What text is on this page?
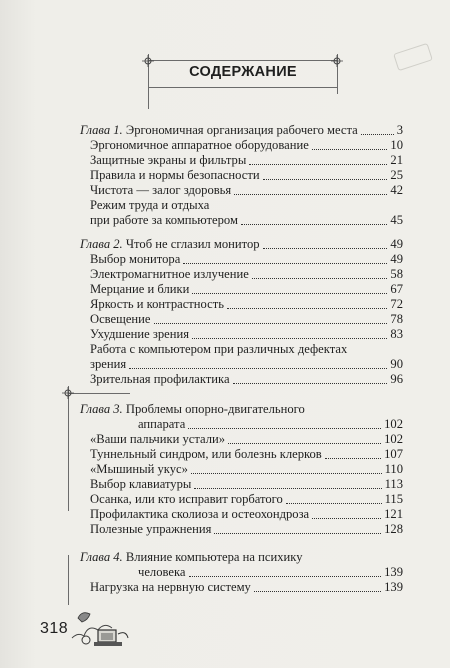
СОДЕРЖАНИЕ
Глава 1. Эргономичная организация рабочего места	3
Эргономичное аппаратное оборудование	10
Защитные экраны и фильтры	21
Правила и нормы безопасности	25
Чистота — залог здоровья	42
Режим труда и отдыха
при работе за компьютером	45
Глава 2. Чтоб не сглазил монитор	49
Выбор монитора	49
Электромагнитное излучение	58
Мерцание и блики	67
Яркость и контрастность	72
Освещение	78
Ухудшение зрения	83
Работа с компьютером при различных дефектах
зрения	90
Зрительная профилактика	96
Глава 3. Проблемы опорно-двигательного
аппарата	102
«Ваши пальчики устали»	102
Туннельный синдром, или болезнь клерков	107
«Мышиный укус»	110
Выбор клавиатуры	113
Осанка, или кто исправит горбатого	115
Профилактика сколиоза и остеохондроза	121
Полезные упражнения	128
Глава 4. Влияние компьютера на психику
человека	139
Нагрузка на нервную систему	139
318
